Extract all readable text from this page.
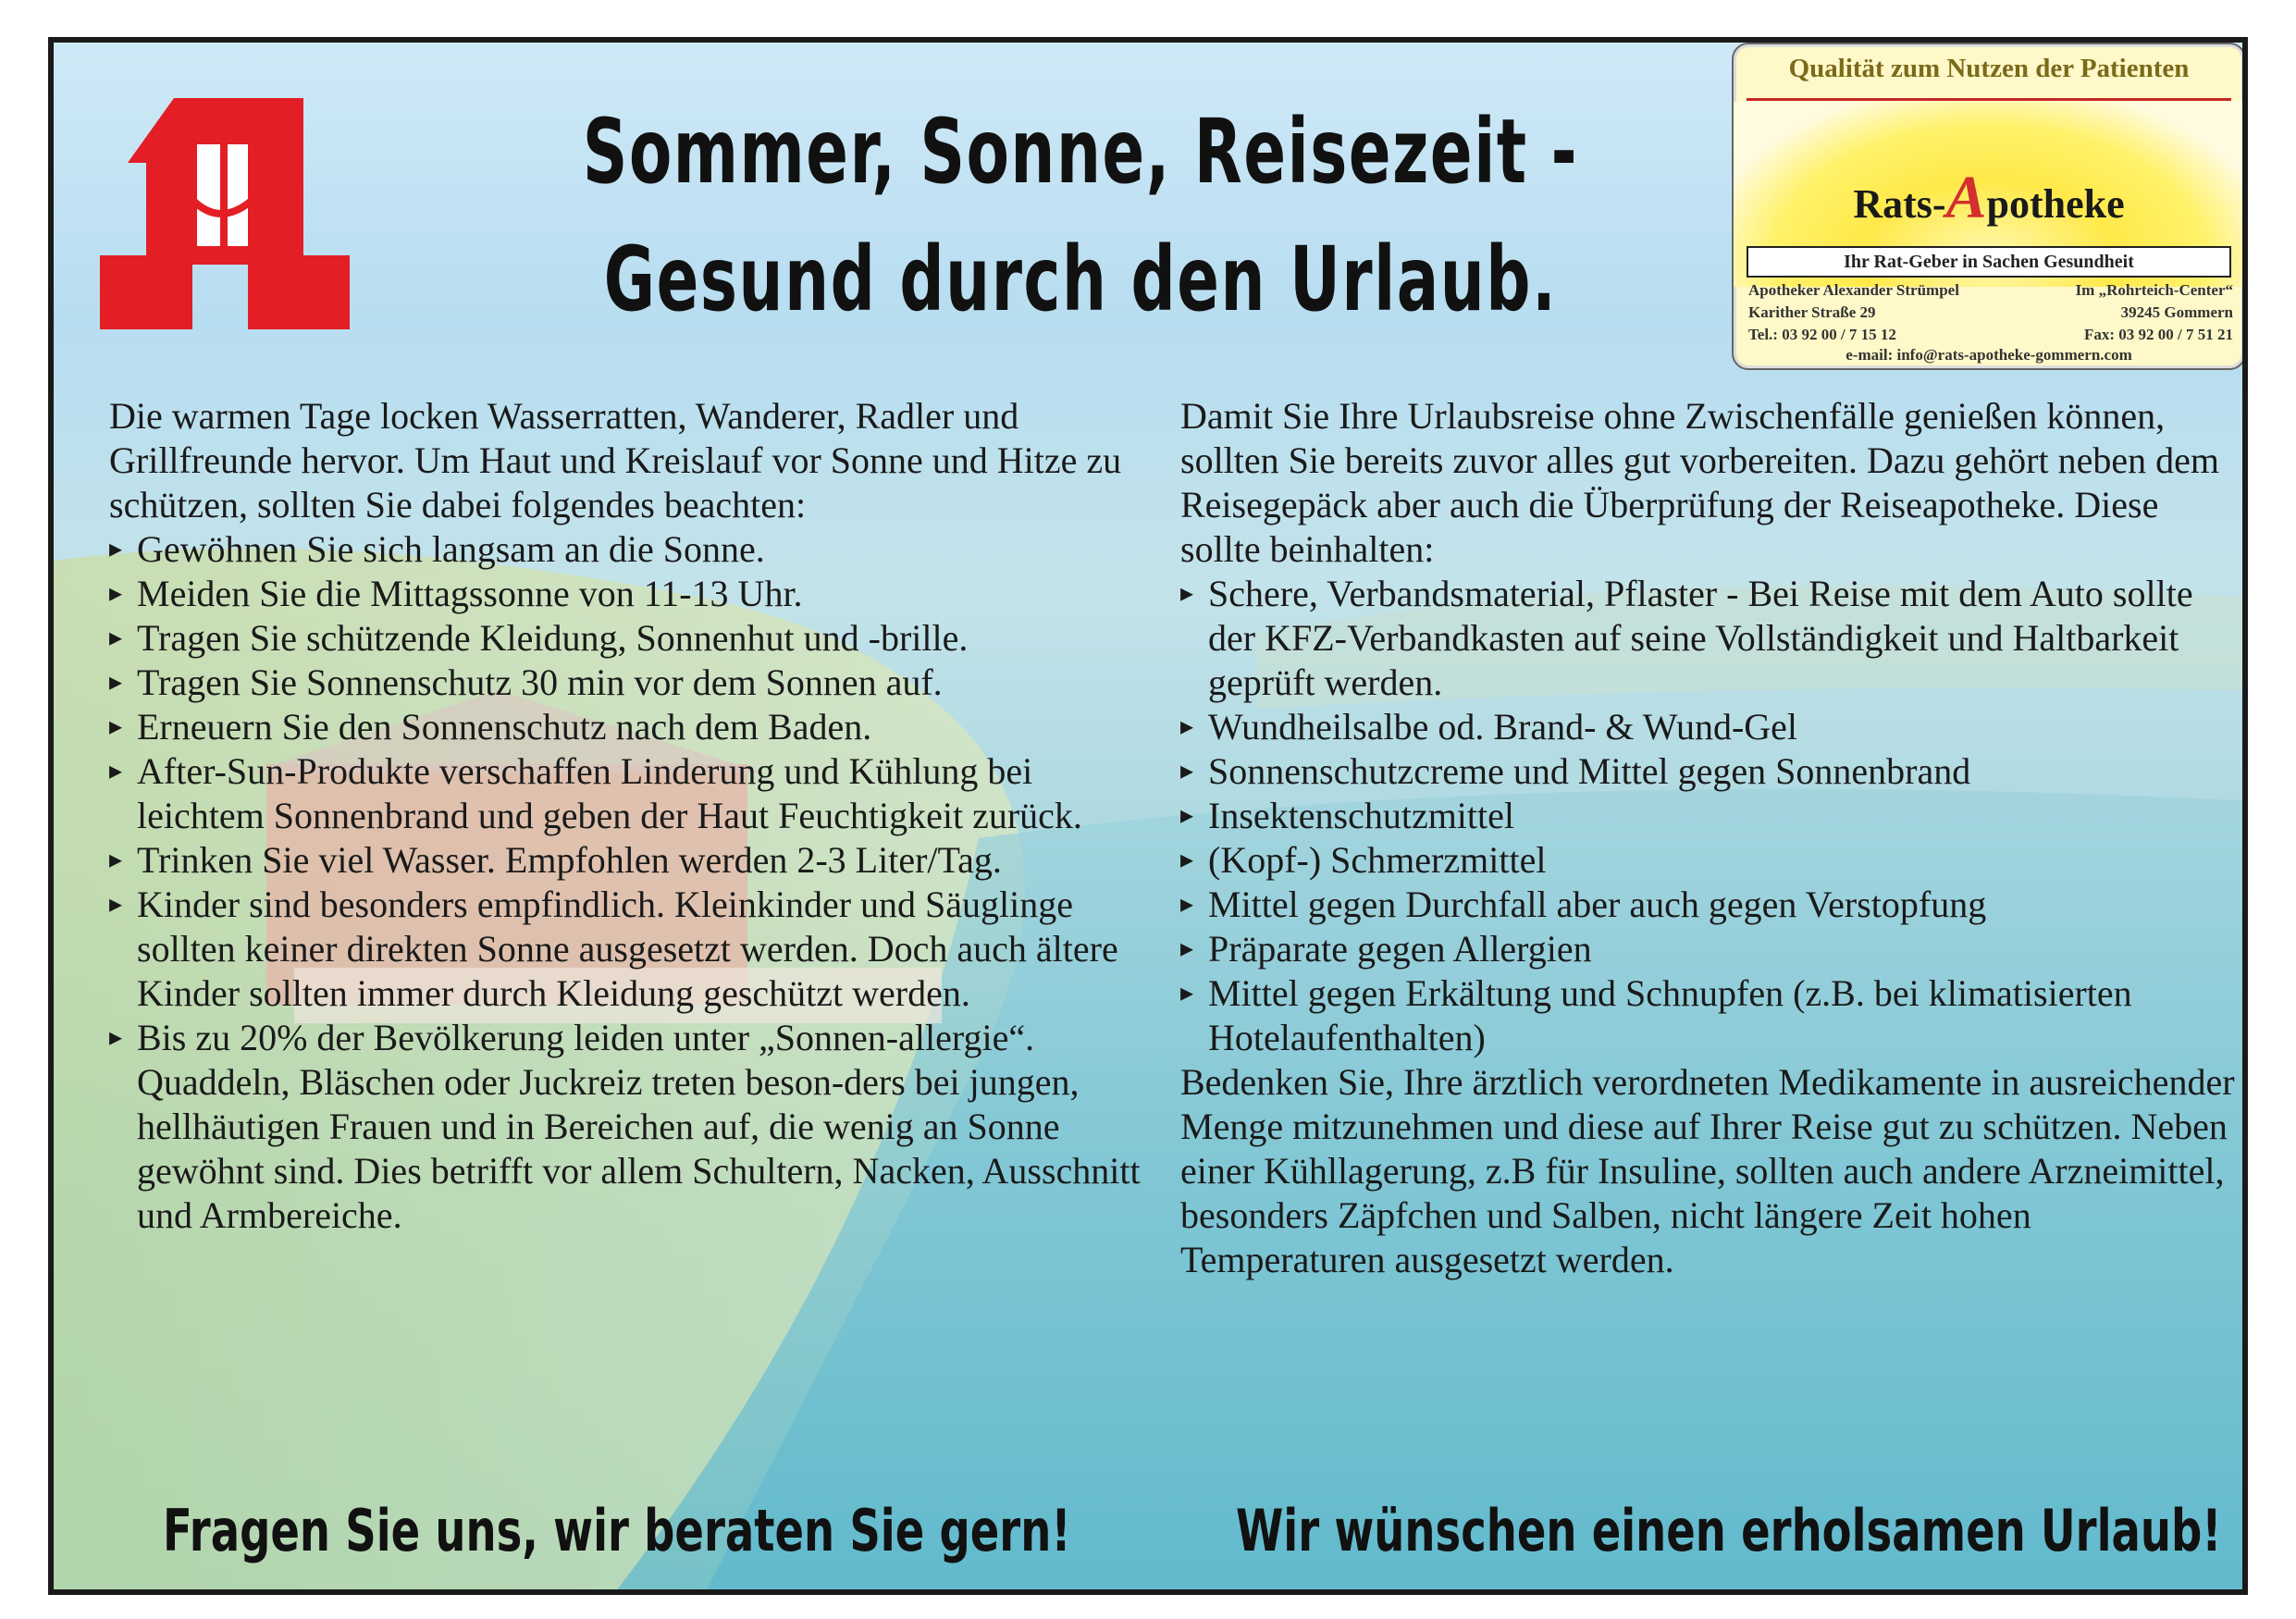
Sommer, Sonne, Reisezeit -
Gesund durch den Urlaub.
Qualität zum Nutzen der Patienten
Rats-Apotheke
Ihr Rat-Geber in Sachen Gesundheit
Apotheker Alexander Strümpel
Karither Straße 29
Tel.: 03 92 00 / 7 15 12
Im „Rohrteich-Center“
39245 Gommern
Fax: 03 92 00 / 7 51 21
e-mail: info@rats-apotheke-gommern.com

Die warmen Tage locken Wasserratten, Wanderer, Radler und Grillfreunde hervor. Um Haut und Kreislauf vor Sonne und Hitze zu schützen, sollten Sie dabei folgendes beachten:

▸ Gewöhnen Sie sich langsam an die Sonne.

▸ Meiden Sie die Mittagssonne von 11-13 Uhr.

▸ Tragen Sie schützende Kleidung, Sonnenhut und -brille.

▸ Tragen Sie Sonnenschutz 30 min vor dem Sonnen auf.

▸ Erneuern Sie den Sonnenschutz nach dem Baden.

▸ After-Sun-Produkte verschaffen Linderung und Kühlung bei leichtem Sonnenbrand und geben der Haut Feuchtigkeit zurück.

▸ Trinken Sie viel Wasser. Empfohlen werden 2-3 Liter/Tag.

▸ Kinder sind besonders empfindlich. Kleinkinder und Säuglinge sollten keiner direkten Sonne ausgesetzt werden. Doch auch ältere Kinder sollten immer durch Kleidung geschützt werden.

▸ Bis zu 20% der Bevölkerung leiden unter „Sonnen-allergie“. Quaddeln, Bläschen oder Juckreiz treten beson-ders bei jungen, hellhäutigen Frauen und in Bereichen auf, die wenig an Sonne gewöhnt sind. Dies betrifft vor allem Schultern, Nacken, Ausschnitt und Armbereiche.

Damit Sie Ihre Urlaubsreise ohne Zwischenfälle genießen können, sollten Sie bereits zuvor alles gut vorbereiten. Dazu gehört neben dem Reisegepäck aber auch die Überprüfung der Reiseapotheke. Diese sollte beinhalten:

▸ Schere, Verbandsmaterial, Pflaster - Bei Reise mit dem Auto sollte der KFZ-Verbandkasten auf seine Vollständigkeit und Haltbarkeit geprüft werden.

▸ Wundheilsalbe od. Brand- & Wund-Gel

▸ Sonnenschutzcreme und Mittel gegen Sonnenbrand

▸ Insektenschutzmittel

▸ (Kopf-) Schmerzmittel

▸ Mittel gegen Durchfall aber auch gegen Verstopfung

▸ Präparate gegen Allergien

▸ Mittel gegen Erkältung und Schnupfen (z.B. bei klimatisierten Hotelaufenthalten)

Bedenken Sie, Ihre ärztlich verordneten Medikamente in ausreichender Menge mitzunehmen und diese auf Ihrer Reise gut zu schützen. Neben einer Kühllagerung, z.B für Insuline, sollten auch andere Arzneimittel, besonders Zäpfchen und Salben, nicht längere Zeit hohen Temperaturen ausgesetzt werden.

Fragen Sie uns, wir beraten Sie gern!	Wir wünschen einen erholsamen Urlaub!
